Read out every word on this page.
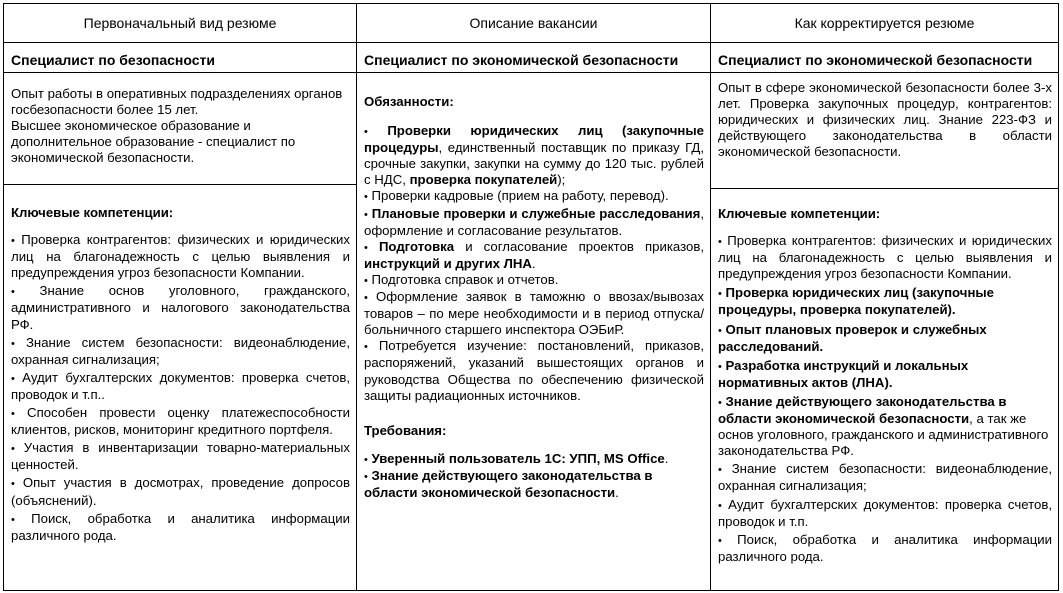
Первоначальный вид резюме
Специалист по безопасности

Опыт работы в оперативных подразделениях органов госбезопасности более 15 лет.

Высшее экономическое образование и дополнительное образование - специалист по экономической безопасности.

Ключевые компетенции:

• Проверка контрагентов: физических и юридических лиц на благонадежность с целью выявления и предупреждения угроз безопасности Компании.

• Знание основ уголовного, гражданского, административного и налогового законодательства РФ.

• Знание систем безопасности: видеонаблюдение, охранная сигнализация;

• Аудит бухгалтерских документов: проверка счетов, проводок и т.п..

• Способен провести оценку платежеспособности клиентов, рисков, мониторинг кредитного портфеля.

• Участия в инвентаризации товарно-материальных ценностей.

• Опыт участия в досмотрах, проведение допросов (объяснений).

• Поиск, обработка и аналитика информации различного рода.

Описание вакансии
Специалист по экономической безопасности

Обязанности:

• Проверки юридических лиц (закупочные процедуры, единственный поставщик по приказу ГД, срочные закупки, закупки на сумму до 120 тыс. рублей с НДС, проверка покупателей);

• Проверки кадровые (прием на работу, перевод).

• Плановые проверки и служебные расследования, оформление и согласование результатов.

• Подготовка и согласование проектов приказов, инструкций и других ЛНА.

• Подготовка справок и отчетов.

• Оформление заявок в таможню о ввозах/вывозах товаров – по мере необходимости и в период отпуска/больничного старшего инспектора ОЭБиР.

• Потребуется изучение: постановлений, приказов, распоряжений, указаний вышестоящих органов и руководства Общества по обеспечению физической защиты радиационных источников.

Требования:

• Уверенный пользователь 1С: УПП, MS Office.

• Знание действующего законодательства в области экономической безопасности.

Как корректируется резюме
Специалист по экономической безопасности
Опыт в сфере экономической безопасности более 3-х лет. Проверка закупочных процедур, контрагентов: юридических и физических лиц. Знание 223-ФЗ и действующего законодательства в области экономической безопасности.

Ключевые компетенции:

• Проверка контрагентов: физических и юридических лиц на благонадежность с целью выявления и предупреждения угроз безопасности Компании.

• Проверка юридических лиц (закупочные процедуры, проверка покупателей).

• Опыт плановых проверок и служебных расследований.

• Разработка инструкций и локальных нормативных актов (ЛНА).

• Знание действующего законодательства в области экономической безопасности, а так же основ уголовного, гражданского и административного законодательства РФ.

• Знание систем безопасности: видеонаблюдение, охранная сигнализация;

• Аудит бухгалтерских документов: проверка счетов, проводок и т.п.

• Поиск, обработка и аналитика информации различного рода.
